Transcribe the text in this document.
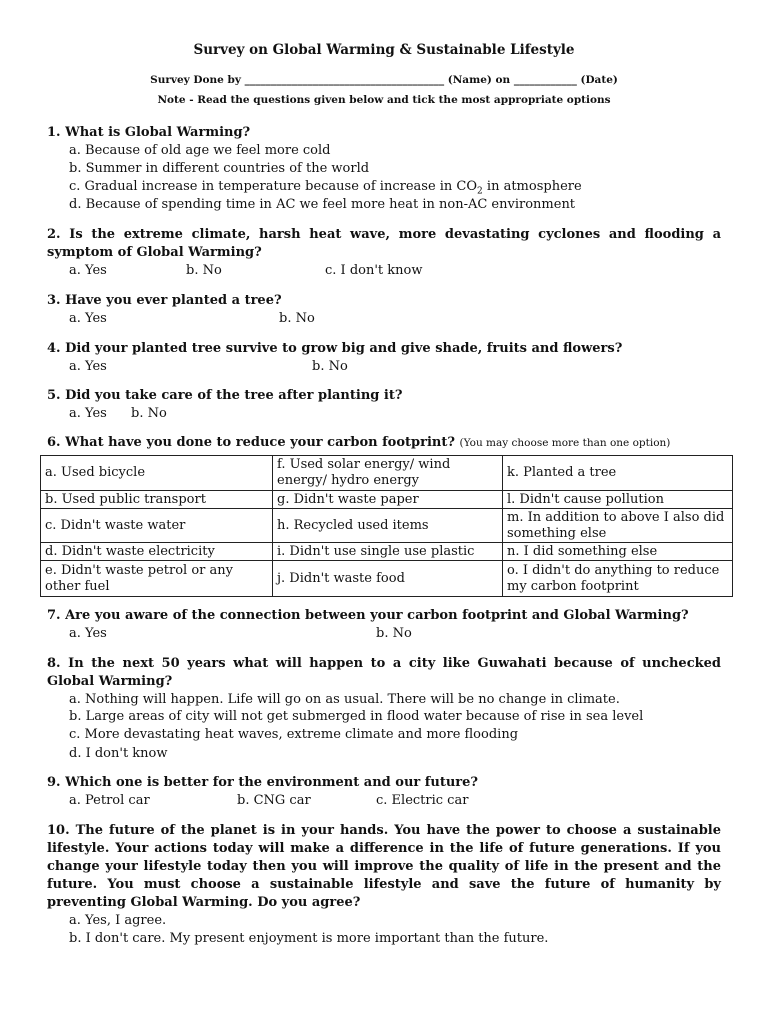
Survey on Global Warming & Sustainable Lifestyle
Survey Done by ______________________________________ (Name) on ____________ (Date)
Note - Read the questions given below and tick the most appropriate options
1. What is Global Warming?
a. Because of old age we feel more cold
b. Summer in different countries of the world
c. Gradual increase in temperature because of increase in $CO_2$ in atmosphere
d. Because of spending time in AC we feel more heat in non-AC environment
2. Is the extreme climate, harsh heat wave, more devastating cyclones and flooding a symptom of Global Warming?
a. Yes	b. No	c. I don't know
3. Have you ever planted a tree?
a. Yes	b. No
4. Did your planted tree survive to grow big and give shade, fruits and flowers?
a. Yes	b. No
5. Did you take care of the tree after planting it?
a. Yes b. No
6. What have you done to reduce your carbon footprint? (You may choose more than one option)
a. Used bicycle	f. Used solar energy/ wind energy/ hydro energy	k. Planted a tree
b. Used public transport	g. Didn't waste paper	l. Didn't cause pollution
c. Didn't waste water	h. Recycled used items	m. In addition to above I also did something else
d. Didn't waste electricity	i. Didn't use single use plastic	n. I did something else
e. Didn't waste petrol or any other fuel	j. Didn't waste food	o. I didn't do anything to reduce my carbon footprint
7. Are you aware of the connection between your carbon footprint and Global Warming?
a. Yes	b. No
8. In the next 50 years what will happen to a city like Guwahati because of unchecked Global Warming?
a. Nothing will happen. Life will go on as usual. There will be no change in climate.
b. Large areas of city will not get submerged in flood water because of rise in sea level
c. More devastating heat waves, extreme climate and more flooding
d. I don't know
9. Which one is better for the environment and our future?
a. Petrol car	b. CNG car	c. Electric car
10. The future of the planet is in your hands. You have the power to choose a sustainable lifestyle. Your actions today will make a difference in the life of future generations. If you change your lifestyle today then you will improve the quality of life in the present and the future. You must choose a sustainable lifestyle and save the future of humanity by preventing Global Warming. Do you agree?
a. Yes, I agree.
b. I don't care. My present enjoyment is more important than the future.
